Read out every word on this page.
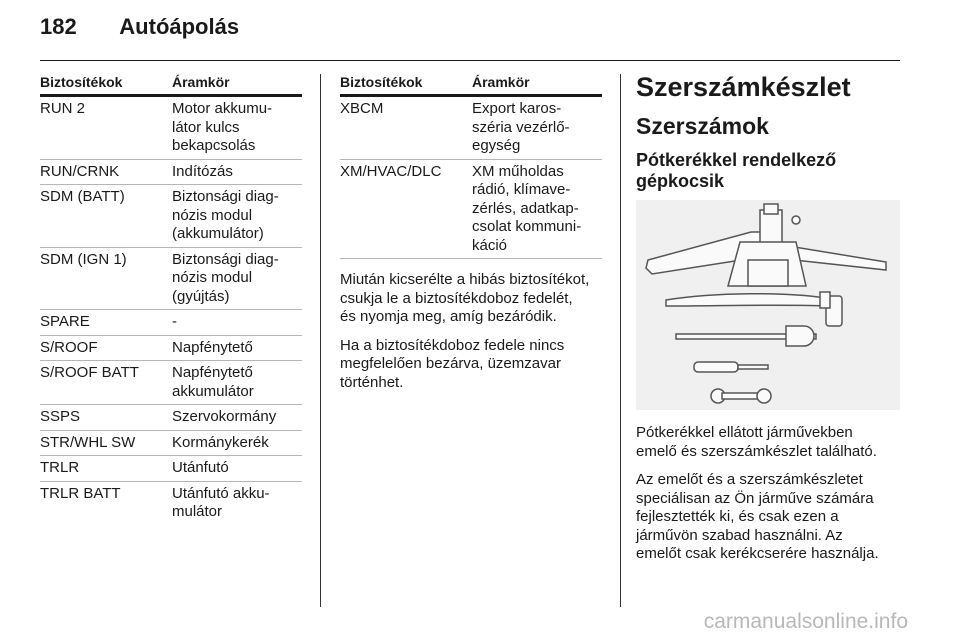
182 Autóápolás
Biztosítékok	Áramkör
RUN 2	Motor akkumu-
látor kulcs
bekapcsolás
RUN/CRNK	Indítózás
SDM (BATT)	Biztonsági diag-
nózis modul
(akkumulátor)
SDM (IGN 1)	Biztonsági diag-
nózis modul
(gyújtás)
SPARE	-
S/ROOF	Napfénytető
S/ROOF BATT	Napfénytető
akkumulátor
SSPS	Szervokormány
STR/WHL SW	Kormánykerék
TRLR	Utánfutó
TRLR BATT	Utánfutó akku-
mulátor
Biztosítékok	Áramkör
XBCM	Export karos-
széria vezérlő-
egység
XM/HVAC/DLC	XM műholdas
rádió, klímave-
zérlés, adatkap-
csolat kommuni-
káció

Miután kicserélte a hibás biztosítékot,
csukja le a biztosítékdoboz fedelét,
és nyomja meg, amíg bezáródik.

Ha a biztosítékdoboz fedele nincs
megfelelően bezárva, üzemzavar
történhet.

Szerszámkészlet
Szerszámok
Pótkerékkel rendelkező
gépkocsik

Pótkerékkel ellátott járművekben
emelő és szerszámkészlet található.

Az emelőt és a szerszámkészletet
speciálisan az Ön járműve számára
fejlesztették ki, és csak ezen a
járművön szabad használni. Az
emelőt csak kerékcserére használja.

carmanualsonline.info
